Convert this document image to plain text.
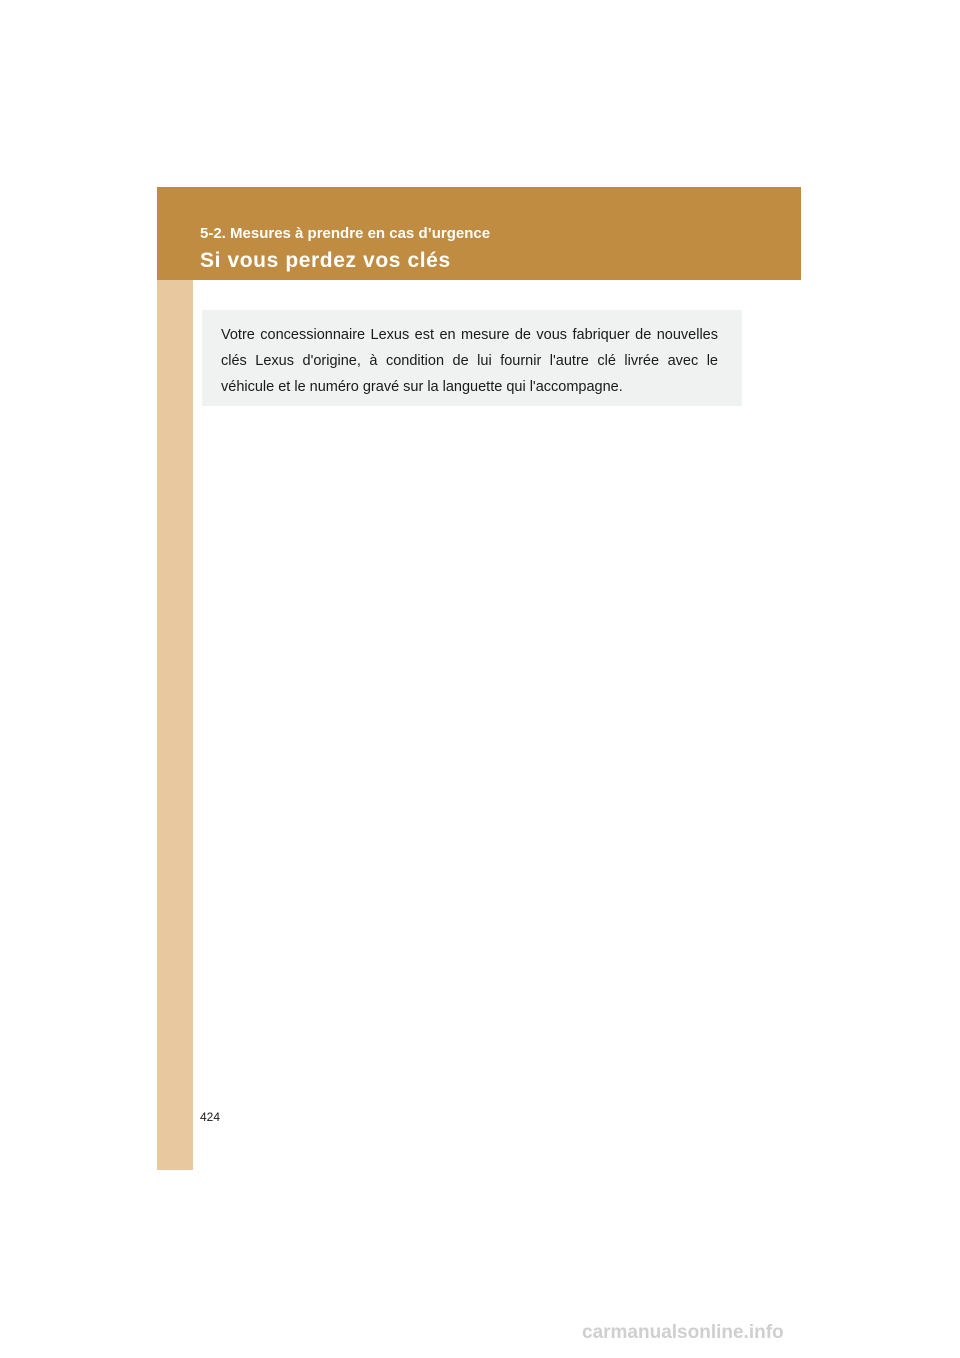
5-2. Mesures à prendre en cas d’urgence
Si vous perdez vos clés

Votre concessionnaire Lexus est en mesure de vous fabriquer de nouvelles clés Lexus d'origine, à condition de lui fournir l'autre clé livrée avec le véhicule et le numéro gravé sur la languette qui l'accompagne.

424
carmanualsonline.info
